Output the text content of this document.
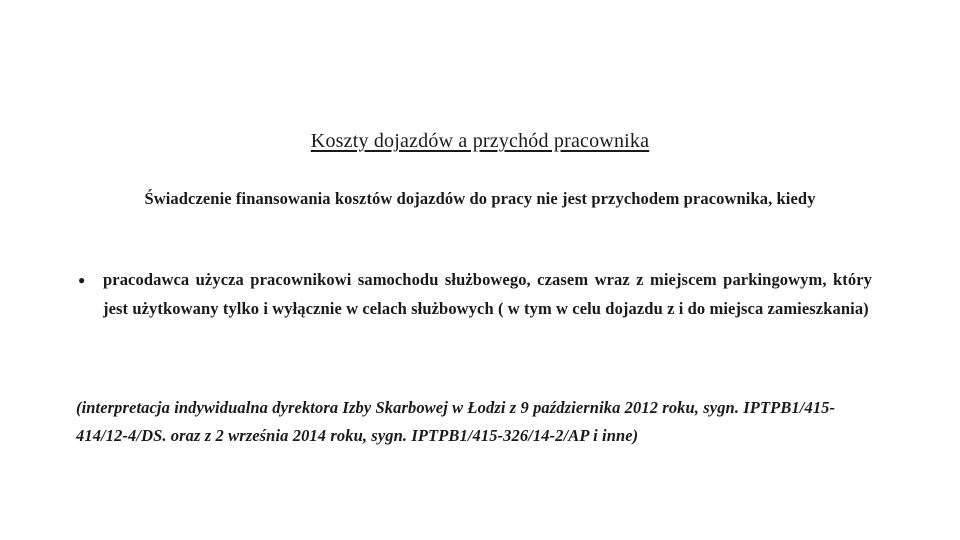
Koszty dojazdów a przychód pracownika
Świadczenie finansowania kosztów dojazdów do pracy nie jest przychodem pracownika, kiedy
● pracodawca użycza pracownikowi samochodu służbowego, czasem wraz z miejscem parkingowym, który jest użytkowany tylko i wyłącznie w celach służbowych ( w tym w celu dojazdu z i do miejsca zamieszkania)

(interpretacja indywidualna dyrektora Izby Skarbowej w Łodzi z 9 października 2012 roku, sygn. IPTPB1/415-414/12-4/DS. oraz z 2 września 2014 roku, sygn. IPTPB1/415-326/14-2/AP i inne)
